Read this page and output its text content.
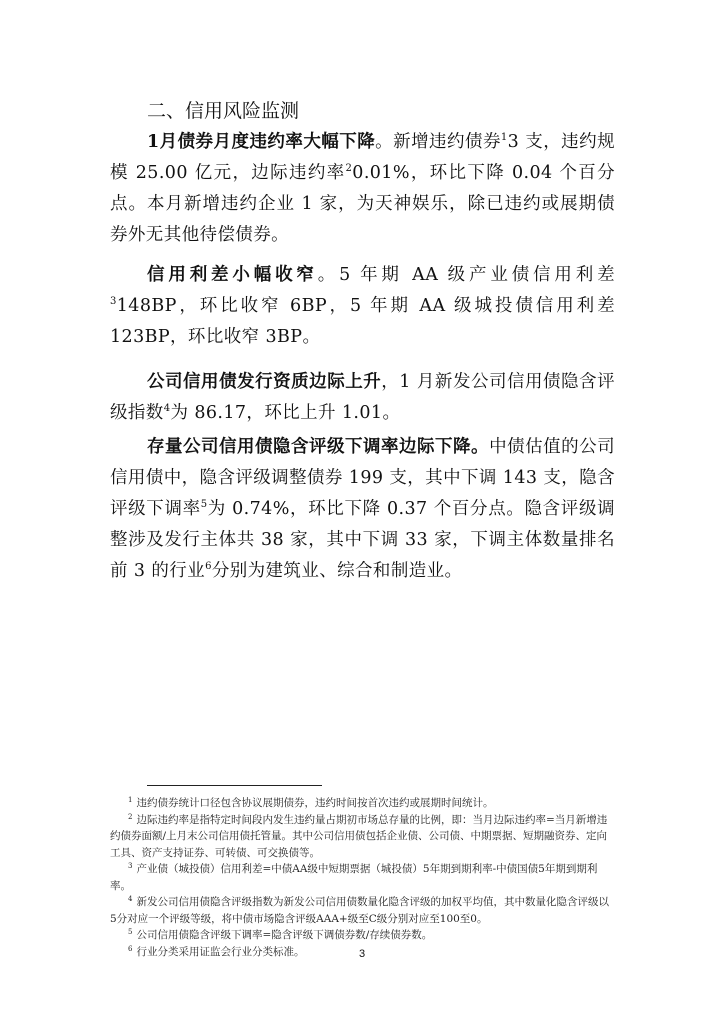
二、信用风险监测

1月债券月度违约率大幅下降。新增违约债券$^1$3 支，违约规模 25.00 亿元，边际违约率$^2$0.01%，环比下降 0.04 个百分点。本月新增违约企业 1 家，为天神娱乐，除已违约或展期债券外无其他待偿债券。

信用利差小幅收窄。5 年期 AA 级产业债信用利差$^3$148BP，环比收窄 6BP，5 年期 AA 级城投债信用利差 123BP，环比收窄 3BP。

公司信用债发行资质边际上升，1 月新发公司信用债隐含评级指数$^4$为 86.17，环比上升 1.01。

存量公司信用债隐含评级下调率边际下降。中债估值的公司信用债中，隐含评级调整债券 199 支，其中下调 143 支，隐含评级下调率$^5$为 0.74%，环比下降 0.37 个百分点。隐含评级调整涉及发行主体共 38 家，其中下调 33 家，下调主体数量排名前 3 的行业$^6$分别为建筑业、综合和制造业。

$^1$ 违约债券统计口径包含协议展期债券，违约时间按首次违约或展期时间统计。

$^2$ 边际违约率是指特定时间段内发生违约量占期初市场总存量的比例，即：当月边际违约率=当月新增违约债券面额/上月末公司信用债托管量。其中公司信用债包括企业债、公司债、中期票据、短期融资券、定向工具、资产支持证券、可转债、可交换债等。

$^3$ 产业债（城投债）信用利差=中债AA级中短期票据（城投债）5年期到期利率-中债国债5年期到期利率。

$^4$ 新发公司信用债隐含评级指数为新发公司信用债数量化隐含评级的加权平均值，其中数量化隐含评级以5分对应一个评级等级，将中债市场隐含评级AAA+级至C级分别对应至100至0。

$^5$ 公司信用债隐含评级下调率=隐含评级下调债券数/存续债券数。

$^6$ 行业分类采用证监会行业分类标准。	3
